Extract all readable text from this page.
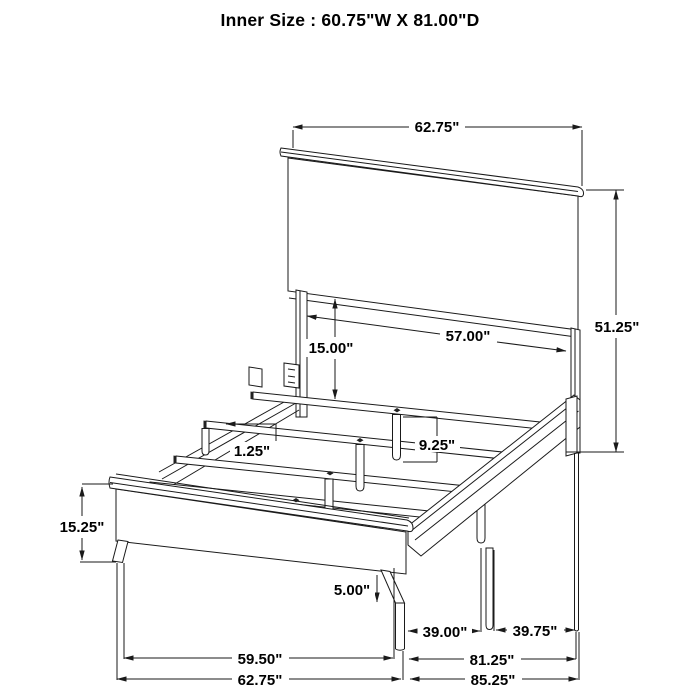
Inner Size : 60.75"W X 81.00"D
62.75"
51.25"
57.00"
15.00"
1.25"	9.25"
15.25"
5.00"
39.00"	39.75"
59.50"	81.25"
62.75"	85.25"
